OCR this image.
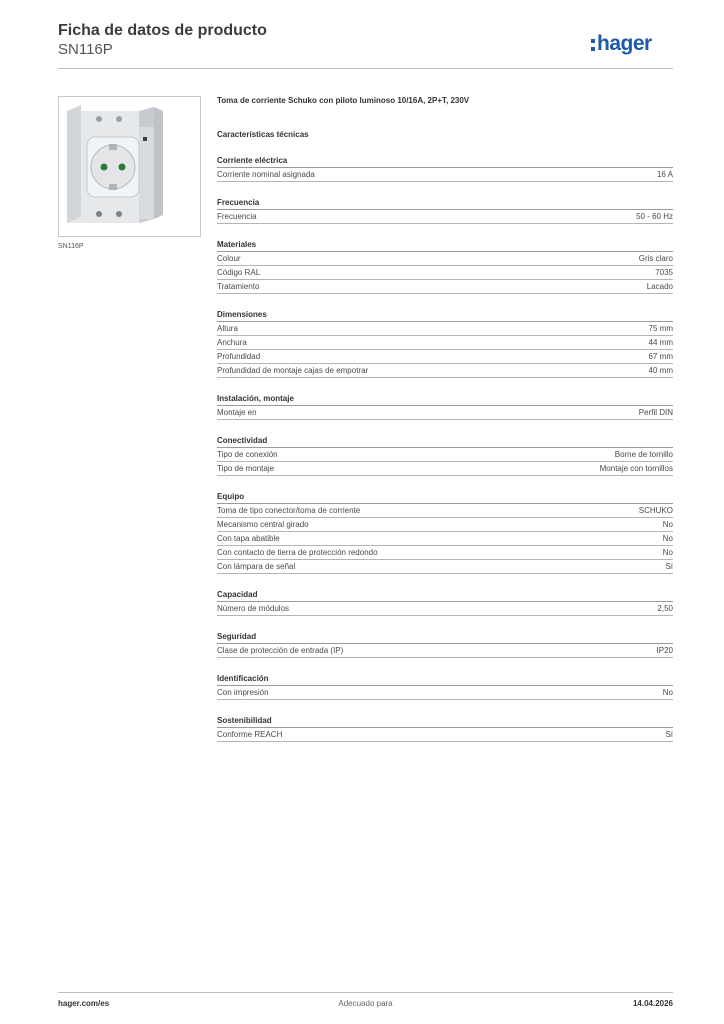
Ficha de datos de producto
SN116P	hager
SN116P
Toma de corriente Schuko con piloto luminoso 10/16A, 2P+T, 230V
Características técnicas
Corriente eléctrica
Corriente nominal asignada	16 A
Frecuencia
Frecuencia	50 - 60 Hz
Materiales
Colour	Gris claro
Código RAL	7035
Tratamiento	Lacado
Dimensiones
Altura	75 mm
Anchura	44 mm
Profundidad	67 mm
Profundidad de montaje cajas de empotrar	40 mm
Instalación, montaje
Montaje en	Perfil DIN
Conectividad
Tipo de conexión	Borne de tornillo
Tipo de montaje	Montaje con tornillos
Equipo
Toma de tipo conector/toma de corriente	SCHUKO
Mecanismo central girado	No
Con tapa abatible	No
Con contacto de tierra de protección redondo	No
Con lámpara de señal	Sí
Capacidad
Número de módulos	2,50
Seguridad
Clase de protección de entrada (IP)	IP20
Identificación
Con impresión	No
Sostenibilidad
Conforme REACH	Sí
hager.com/es	Adecuado para	14.04.2026
